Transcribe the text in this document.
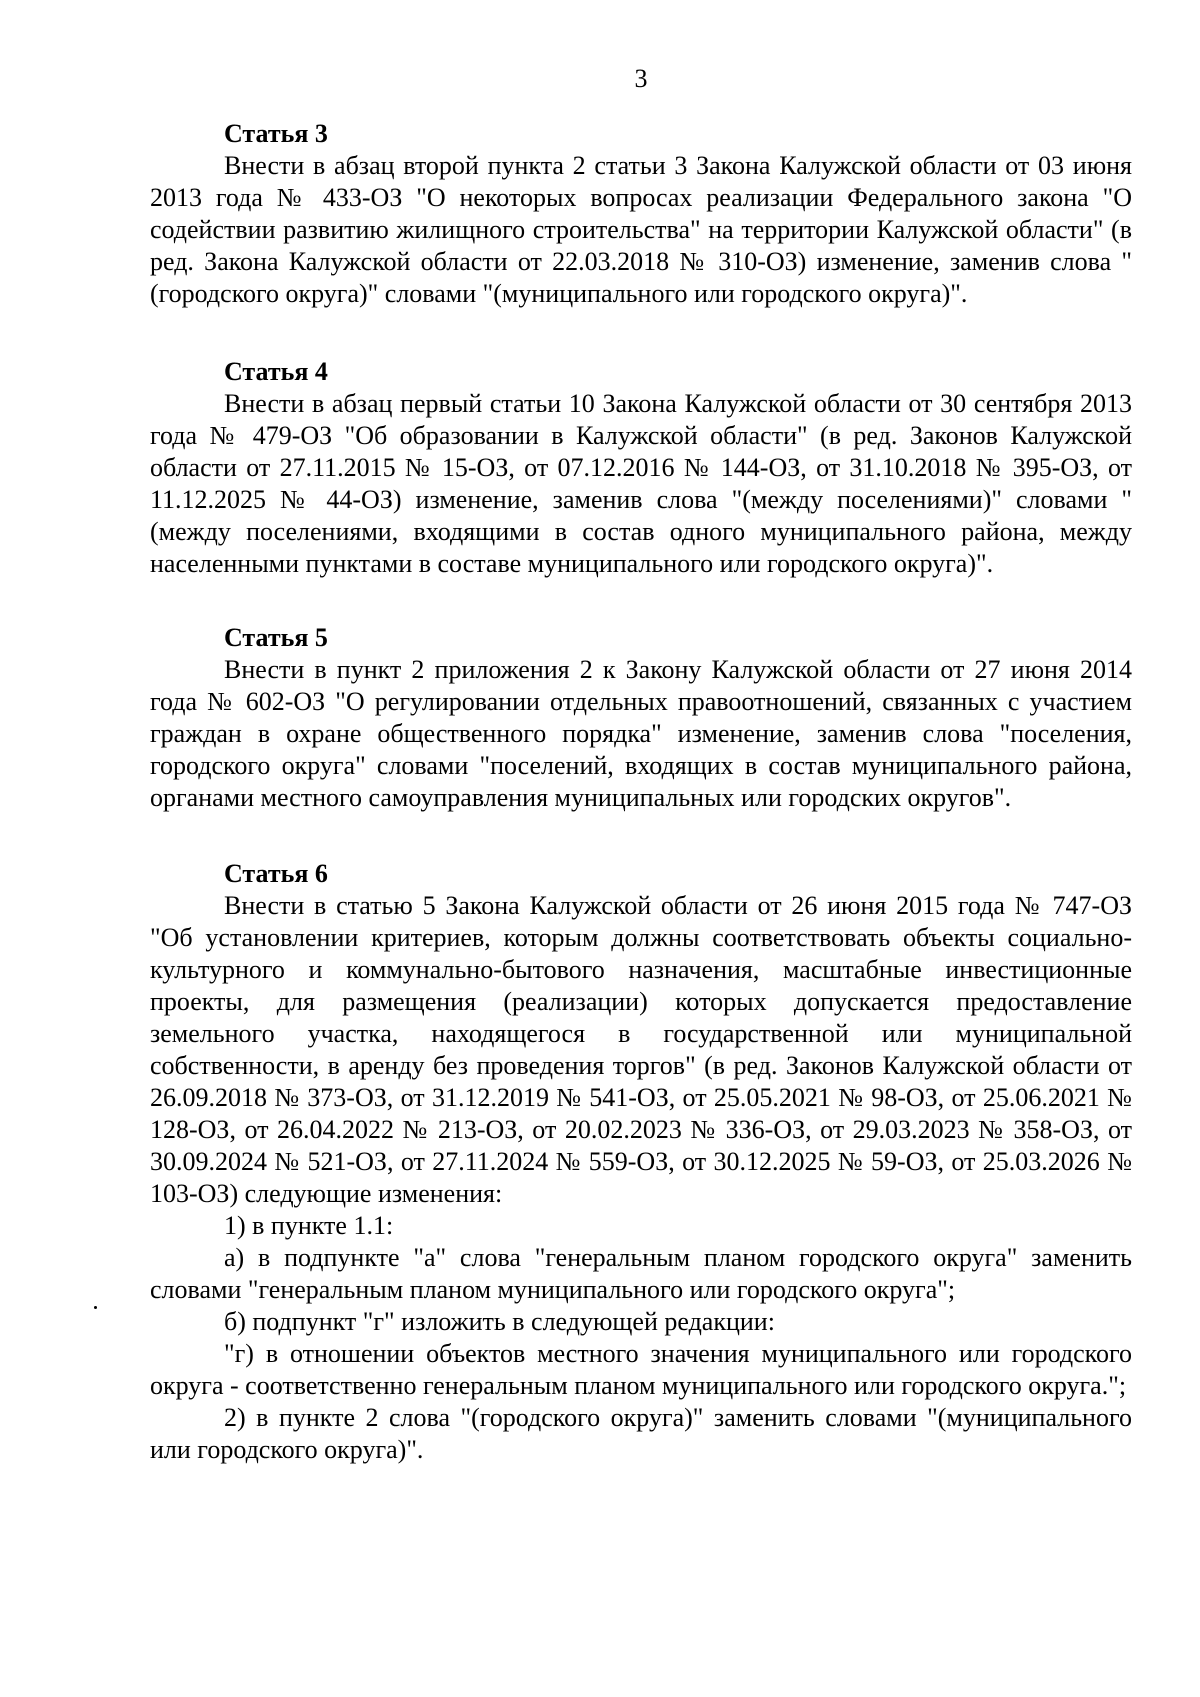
3
Статья 3

Внести в абзац второй пункта 2 статьи 3 Закона Калужской области от 03 июня 2013 года № 433-ОЗ "О некоторых вопросах реализации Федерального закона "О содействии развитию жилищного строительства" на территории Калужской области" (в ред. Закона Калужской области от 22.03.2018 № 310-ОЗ) изменение, заменив слова "(городского округа)" словами "(муниципального или городского округа)".

Статья 4

Внести в абзац первый статьи 10 Закона Калужской области от 30 сентября 2013 года № 479-ОЗ "Об образовании в Калужской области" (в ред. Законов Калужской области от 27.11.2015 № 15-ОЗ, от 07.12.2016 № 144-ОЗ, от 31.10.2018 № 395-ОЗ, от 11.12.2025 № 44-ОЗ) изменение, заменив слова "(между поселениями)" словами "(между поселениями, входящими в состав одного муниципального района, между населенными пунктами в составе муниципального или городского округа)".

Статья 5

Внести в пункт 2 приложения 2 к Закону Калужской области от 27 июня 2014 года № 602-ОЗ "О регулировании отдельных правоотношений, связанных с участием граждан в охране общественного порядка" изменение, заменив слова "поселения, городского округа" словами "поселений, входящих в состав муниципального района, органами местного самоуправления муниципальных или городских округов".

Статья 6

Внести в статью 5 Закона Калужской области от 26 июня 2015 года № 747-ОЗ "Об установлении критериев, которым должны соответствовать объекты социально-культурного и коммунально-бытового назначения, масштабные инвестиционные проекты, для размещения (реализации) которых допускается предоставление земельного участка, находящегося в государственной или муниципальной собственности, в аренду без проведения торгов" (в ред. Законов Калужской области от 26.09.2018 № 373-ОЗ, от 31.12.2019 № 541-ОЗ, от 25.05.2021 № 98-ОЗ, от 25.06.2021 № 128-ОЗ, от 26.04.2022 № 213-ОЗ, от 20.02.2023 № 336-ОЗ, от 29.03.2023 № 358-ОЗ, от 30.09.2024 № 521-ОЗ, от 27.11.2024 № 559-ОЗ, от 30.12.2025 № 59-ОЗ, от 25.03.2026 № 103-ОЗ) следующие изменения:

1) в пункте 1.1:

а) в подпункте "а" слова "генеральным планом городского округа" заменить словами "генеральным планом муниципального или городского округа";

б) подпункт "г" изложить в следующей редакции:

"г) в отношении объектов местного значения муниципального или городского округа - соответственно генеральным планом муниципального или городского округа.";

2) в пункте 2 слова "(городского округа)" заменить словами "(муниципального или городского округа)".
